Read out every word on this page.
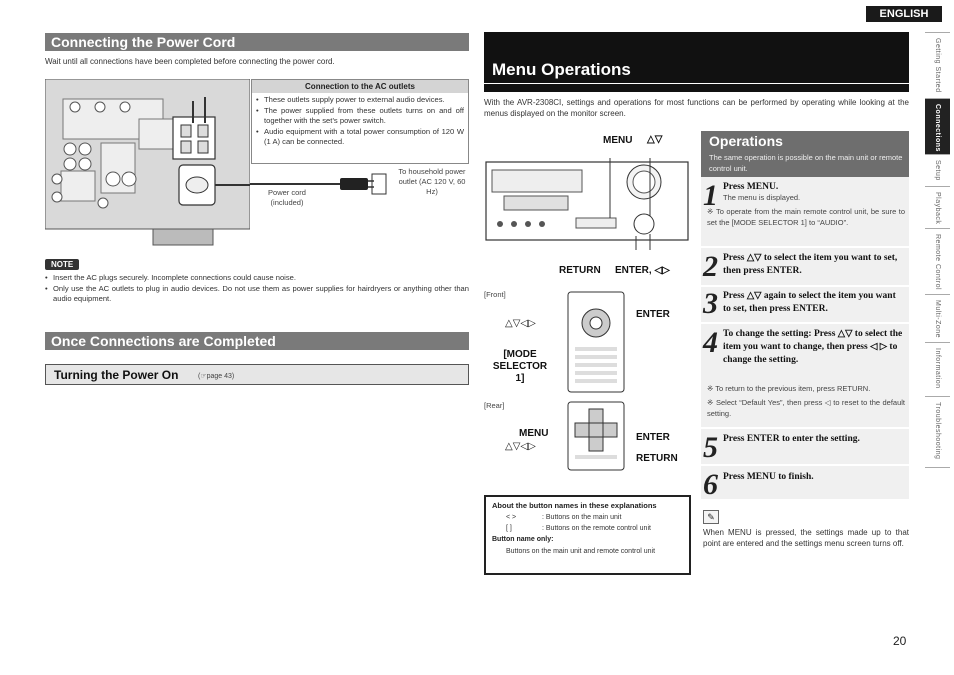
ENGLISH
Getting Started
Connections
Setup
Playback
Remote Control
Multi-Zone
Information
Troubleshooting
Connecting the Power Cord
Wait until all connections have been completed before connecting the power cord.
Connection to the AC outlets
• These outlets supply power to external audio devices.
• The power supplied from these outlets turns on and off together with the set’s power switch.
• Audio equipment with a total power consumption of 120 W (1 A) can be connected.
To household power outlet (AC 120 V, 60 Hz)
Power cord (included)
NOTE
• Insert the AC plugs securely. Incomplete connections could cause noise.
• Only use the AC outlets to plug in audio devices. Do not use them as power supplies for hairdryers or anything other than audio equipment.
Once Connections are Completed
Turning the Power On	(☞page 43)
Menu Operations
With the AVR-2308CI, settings and operations for most functions can be performed by operating while looking at the menus displayed on the monitor screen.
MENU △▽
RETURN ENTER, ◁▷
[Front]
△▽◁▷
ENTER
[MODE SELECTOR 1]
[Rear]
MENU
△▽◁▷
ENTER
RETURN
About the button names in these explanations
< >	: Buttons on the main unit
[ ]	: Buttons on the remote control unit
Button name only:
Buttons on the main unit and remote control unit
Operations
The same operation is possible on the main unit or remote control unit.
1 Press MENU.
The menu is displayed.
※ To operate from the main remote control unit, be sure to set the [MODE SELECTOR 1] to “AUDIO”.
2 Press △▽ to select the item you want to set, then press ENTER.
3 Press △▽ again to select the item you want to set, then press ENTER.
4 To change the setting: Press △▽ to select the item you want to change, then press ◁ ▷ to change the setting.
※ To return to the previous item, press RETURN.
※ Select “Default Yes”, then press ◁ to reset to the default setting.
5 Press ENTER to enter the setting.
6 Press MENU to finish.
✎
When MENU is pressed, the settings made up to that point are entered and the settings menu screen turns off.
20
